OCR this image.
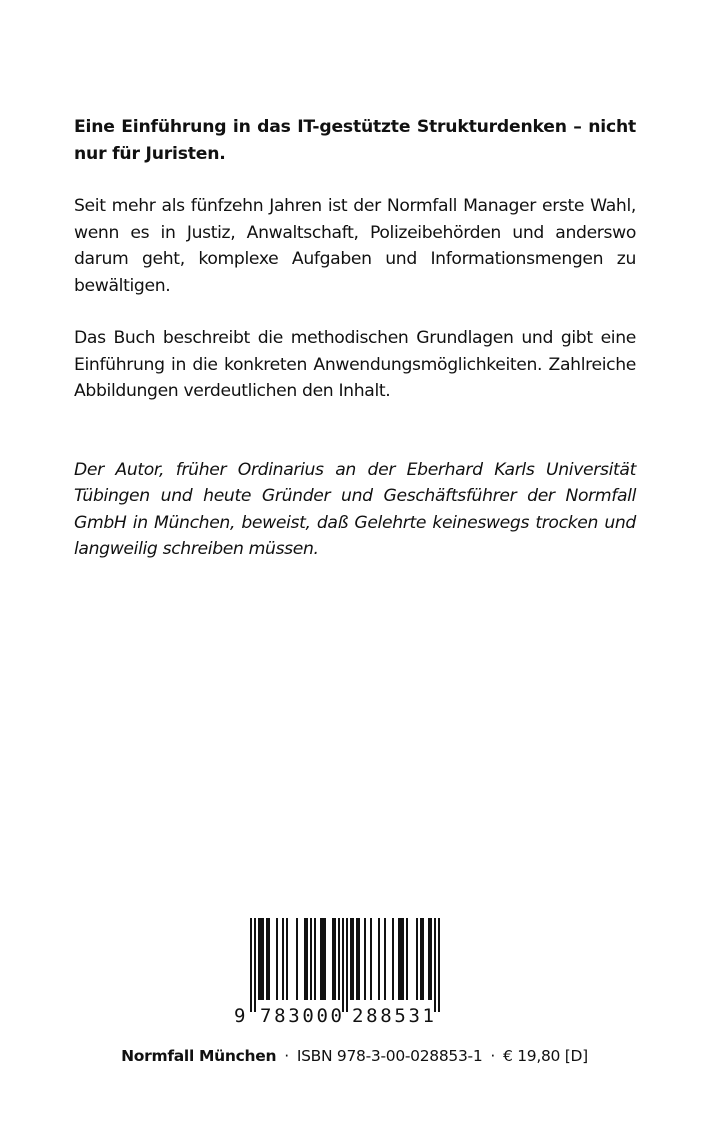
Eine Einführung in das IT-gestützte Strukturdenken – nicht nur für Juristen.

Seit mehr als fünfzehn Jahren ist der Normfall Manager erste Wahl, wenn es in Justiz, Anwaltschaft, Polizeibehörden und anderswo darum geht, komplexe Aufgaben und Informationsmengen zu bewältigen.

Das Buch beschreibt die methodischen Grundlagen und gibt eine Einführung in die konkreten Anwendungsmöglichkeiten. Zahlreiche Abbildungen verdeutlichen den Inhalt.

Der Autor, früher Ordinarius an der Eberhard Karls Universität Tübingen und heute Gründer und Geschäftsführer der Normfall GmbH in München, beweist, daß Gelehrte keineswegs trocken und langweilig schreiben müssen.

9 783000 288531
Normfall München · ISBN 978-3-00-028853-1 · € 19,80 [D]
